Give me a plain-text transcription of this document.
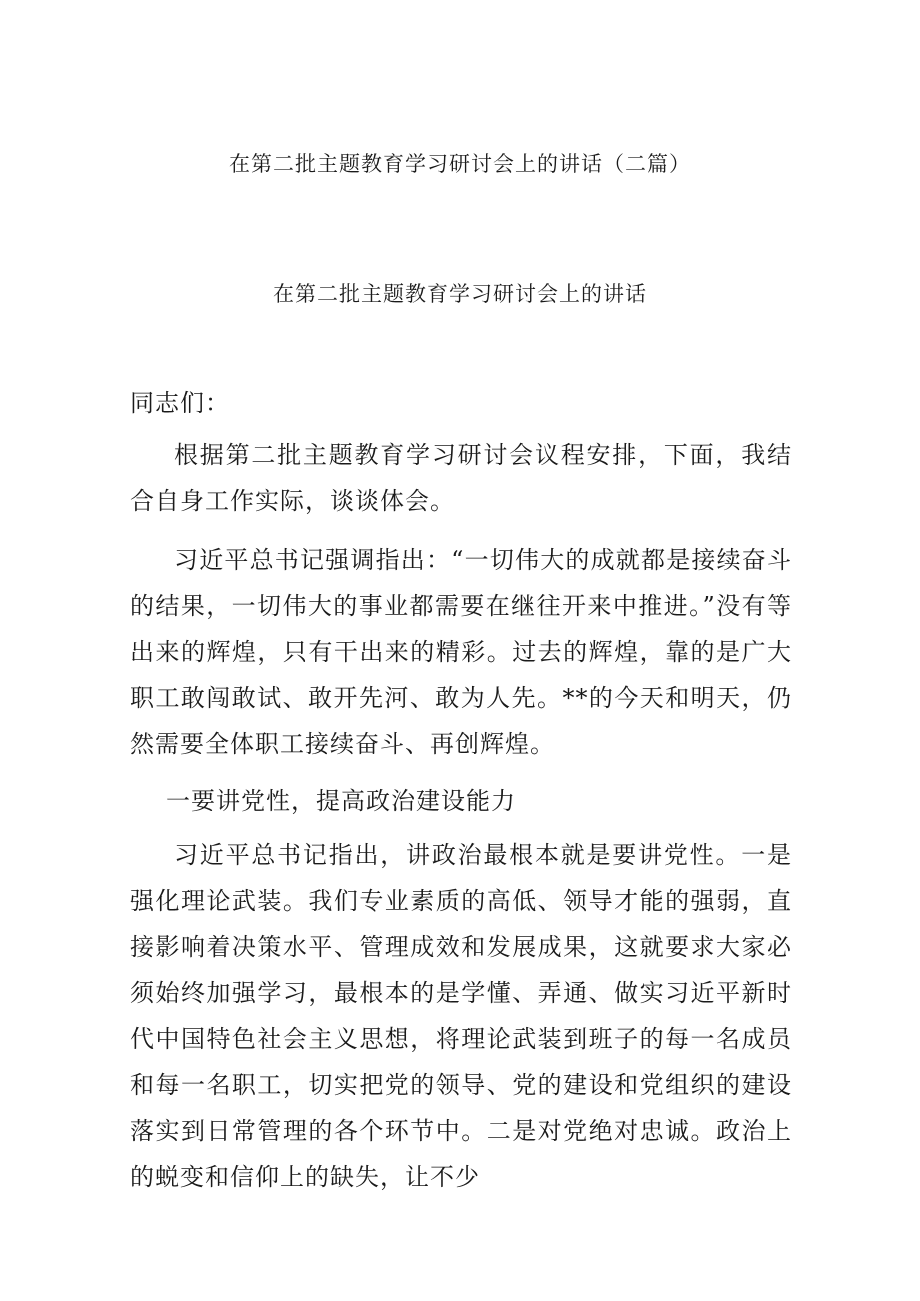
在第二批主题教育学习研讨会上的讲话（二篇）
在第二批主题教育学习研讨会上的讲话

同志们：

根据第二批主题教育学习研讨会议程安排，下面，我结合自身工作实际，谈谈体会。

习近平总书记强调指出：“一切伟大的成就都是接续奋斗的结果，一切伟大的事业都需要在继往开来中推进。”没有等出来的辉煌，只有干出来的精彩。过去的辉煌，靠的是广大职工敢闯敢试、敢开先河、敢为人先。**的今天和明天，仍然需要全体职工接续奋斗、再创辉煌。

一要讲党性，提高政治建设能力

习近平总书记指出，讲政治最根本就是要讲党性。一是强化理论武装。我们专业素质的高低、领导才能的强弱，直接影响着决策水平、管理成效和发展成果，这就要求大家必须始终加强学习，最根本的是学懂、弄通、做实习近平新时代中国特色社会主义思想，将理论武装到班子的每一名成员和每一名职工，切实把党的领导、党的建设和党组织的建设落实到日常管理的各个环节中。二是对党绝对忠诚。政治上的蜕变和信仰上的缺失，让不少
